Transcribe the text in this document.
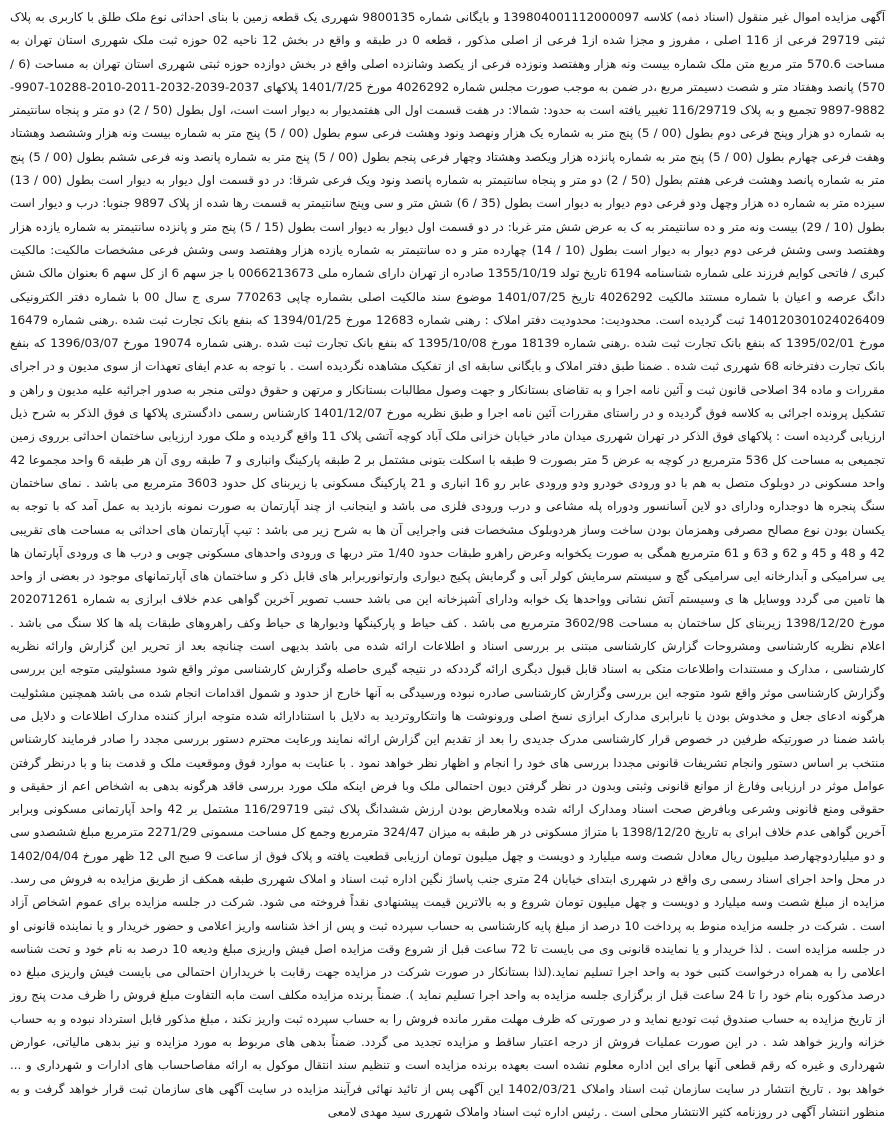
آگهی مزایده اموال غیر منقول (اسناد ذمه) کلاسه 139804001112000097 و بایگانی شماره 9800135 شهرری یک قطعه زمین با بنای احداثی نوع ملک طلق با کاربری به پلاک ثبتی 29719 فرعی از 116 اصلی ، مفروز و مجزا شده از1 فرعی از اصلی مذکور ، قطعه 0 در طبقه و واقع در بخش 12 ناحیه 02 حوزه ثبت ملک شهرری استان تهران به مساحت 570.6 متر مربع متن ملک شماره بیست ونه هزار وهفتصد ونوزده فرعی از یکصد وشانزده اصلی واقع در بخش دوازده حوزه ثبتی شهرری استان تهران به مساحت (6 / 570) پانصد وهفتاد متر و شصت دسیمتر مربع ،در ضمن به موجب صورت مجلس شماره 4026292 مورخ 1401/7/25 پلاکهای 2037-2039-2032-2011-2010-10288-9907-9882-9897 تجمیع و به پلاک 116/29719 تغییر یافته است به حدود: شمالا: در هفت قسمت اول الی هفتمدیوار به دیوار است است، اول بطول (50 / 2) دو متر و پنجاه سانتیمتر به شماره دو هزار وپنج فرعی دوم بطول (00 / 5) پنج متر به شماره یک هزار ونهصد ونود وهشت فرعی سوم بطول (00 / 5) پنج متر به شماره بیست ونه هزار وششصد وهشتاد وهفت فرعی چهارم بطول (00 / 5) پنج متر به شماره پانزده هزار ویکصد وهشتاد وچهار فرعی پنجم بطول (00 / 5) پنج متر به شماره پانصد ونه فرعی ششم بطول (00 / 5) پنج متر به شماره پانصد وهشت فرعی هفتم بطول (50 / 2) دو متر و پنجاه سانتیمتر به شماره پانصد ونود ویک فرعی شرقا: در دو قسمت اول دیوار به دیوار است بطول (00 / 13) سیزده متر به شماره ده هزار وچهل ودو فرعی دوم دیوار به دیوار است بطول (35 / 6) شش متر و سی وپنج سانتیمتر به قسمت رها شده از پلاک 9897 جنوبا: درب و دیوار است بطول (10 / 29) بیست ونه متر و ده سانتیمتر به ک به عرض شش متر غربا: در دو قسمت اول دیوار به دیوار است بطول (15 / 5) پنج متر و پانزده سانتیمتر به شماره یازده هزار وهفتصد وسی وشش فرعی دوم دیوار به دیوار است بطول (10 / 14) چهارده متر و ده سانتیمتر به شماره یازده هزار وهفتصد وسی وشش فرعی مشخصات مالکیت: مالکیت کبری / فاتحی کوایم فرزند علی شماره شناسنامه 6194 تاریخ تولد 1355/10/19 صادره از تهران دارای شماره ملی 0066213673 با جز سهم 6 از کل سهم 6 بعنوان مالک شش دانگ عرصه و اعیان با شماره مستند مالکیت 4026292 تاریخ 1401/07/25 موضوع سند مالکیت اصلی بشماره چاپی 770263 سری ج سال 00 با شماره دفتر الکترونیکی 140120301024026409 ثبت گردیده است. محدودیت: محدودیت دفتر املاک : رهنی شماره 12683 مورخ 1394/01/25 که بنفع بانک تجارت ثبت شده .رهنی شماره 16479 مورخ 1395/02/01 که بنفع بانک تجارت ثبت شده .رهنی شماره 18139 مورخ 1395/10/08 که بنفع بانک تجارت ثبت شده .رهنی شماره 19074 مورخ 1396/03/07 که بنفع بانک تجارت دفترخانه 68 شهرری ثبت شده . ضمنا طبق دفتر املاک و بایگانی سابقه ای از تفکیک مشاهده نگردیده است . با توجه به عدم ایفای تعهدات از سوی مدیون و در اجرای مقررات و ماده 34 اصلاحی قانون ثبت و آئین نامه اجرا و به تقاضای بستانکار و جهت وصول مطالبات بستانکار و مرتهن و حقوق دولتی منجر به صدور اجرائیه علیه مدیون و راهن و تشکیل پرونده اجرائی به کلاسه فوق گردیده و در راستای مقررات آئین نامه اجرا و طبق نظریه مورخ 1401/12/07 کارشناس رسمی دادگستری پلاکها ی فوق الذکر به شرح ذیل ارزیابی گردیده است : پلاکهای فوق الذکر در تهران شهرری میدان مادر خیابان خزانی ملک آباد کوچه آتشی پلاک 11 واقع گردیده و ملک مورد ارزیابی ساختمان احداثی برروی زمین تجمیعی به مساحت کل 536 مترمربع در کوچه به عرض 5 متر بصورت 9 طبقه با اسکلت بتونی مشتمل بر 2 طبقه پارکینگ وانباری و 7 طبقه روی آن هر طبقه 6 واحد مجموعا 42 واحد مسکونی در دوبلوک متصل به هم با دو ورودی خودرو ودو ورودی عابر رو 16 انباری و 21 پارکینگ مسکونی با زیربنای کل حدود 3603 مترمربع می باشد . نمای ساختمان سنگ پنجره ها دوجداره ودارای دو لاین آسانسور ودوراه پله مشاعی و درب ورودی فلزی می باشد و اینجانب از چند آپارتمان به صورت نمونه بازدید به عمل آمد که با توجه به یکسان بودن نوع مصالح مصرفی وهمزمان بودن ساخت وساز هردوبلوک مشخصات فنی واجرایی آن ها به شرح زیر می باشد : تیپ آپارتمان های احداثی به مساحت های تقریبی 42 و 48 و 45 و 62 و 63 و 61 مترمربع همگی به صورت یکخوابه وعرض راهرو طبقات حدود 1/40 متر دربها ی ورودی واحدهای مسکونی چوبی و درب ها ی ورودی آپارتمان ها یی سرامیکی و آبدارخانه ایی سرامیکی گچ و سیستم سرمایش کولر آبی و گرمایش پکیج دیواری وارتوانوربرابر های قابل ذکر و ساختمان های آپارتمانهای موجود در بعضی از واحد ها تامین می گردد ووسایل ها ی وسیستم آتش نشانی وواحدها یک خوابه ودارای آشپزخانه این می باشد حسب تصویر آخرین گواهی عدم خلاف ابرازی به شماره 202071261 مورخ 1398/12/20 زیربنای کل ساختمان به مساحت 3602/98 مترمربع می باشد . کف حیاط و پارکینگها ودیوارها ی حیاط وکف راهروهای طبقات پله ها کلا سنگ می باشد . اعلام نظریه کارشناسی ومشروحات گزارش کارشناسی مبتنی بر بررسی اسناد و اطلاعات ارائه شده می باشد بدیهی است چنانچه بعد از تحریر این گزارش وارائه نظریه کارشناسی ، مدارک و مستندات واطلاعات متکی به اسناد قابل قبول دیگری ارائه گرددکه در نتیجه گیری حاصله وگزارش کارشناسی موثر واقع شود مسئولیتی متوجه این بررسی وگزارش کارشناسی موثر واقع شود متوجه این بررسی وگزارش کارشناسی صادره نبوده ورسیدگی به آنها خارج از حدود و شمول اقدامات انجام شده می باشد همچنین مشئولیت هرگونه ادعای جعل و مخدوش بودن یا نابرابری مدارک ابرازی نسخ اصلی ورونوشت ها وانتکاروتردید به دلایل با استنادارائه شده متوجه ابراز کننده مدارک اطلاعات و دلایل می باشد ضمنا در صورتیکه طرفین در خصوص قرار کارشناسی مدرک جدیدی را بعد از تقدیم این گزارش ارائه نمایند ورعایت محترم دستور بررسی مجدد را صادر فرمایند کارشناس منتخب بر اساس دستور وانجام تشریفات قانونی مجددا بررسی های خود را انجام و اظهار نظر خواهد نمود . با عنایت به موارد فوق وموقعیت ملک و قدمت بنا و با درنظر گرفتن عوامل موثر در ارزیابی وفارغ از موانع قانونی وثبتی وبدون در نظر گرفتن دیون احتمالی ملک وبا فرض اینکه ملک مورد بررسی فاقد هرگونه بدهی به اشخاص اعم از حقیقی و حقوقی ومنع قانونی وشرعی وبافرض صحت اسناد ومدارک ارائه شده وبلامعارض بودن ارزش ششدانگ پلاک ثبتی 116/29719 مشتمل بر 42 واحد آپارتمانی مسکونی وبرابر آخرین گواهی عدم خلاف ابرای به تاریخ 1398/12/20 با متراژ مسکونی در هر طبقه به میزان 324/47 مترمربع وجمع کل مساحت مسمونی 2271/29 مترمربع مبلغ ششصدو سی و دو میلیاردوچهارصد میلیون ریال معادل شصت وسه میلیارد و دویست و چهل میلیون تومان ارزیابی قطعیت یافته و پلاک فوق از ساعت 9 صبح الی 12 ظهر مورخ 1402/04/04 در محل واحد اجرای اسناد رسمی ری واقع در شهرری ابتدای خیابان 24 متری جنب پاساژ نگین اداره ثبت اسناد و املاک شهرری طبقه همکف از طریق مزایده به فروش می رسد. مزایده از مبلغ شصت وسه میلیارد و دویست و چهل میلیون تومان شروع و به بالاترین قیمت پیشنهادی نقداً فروخته می شود. شرکت در جلسه مزایده برای عموم اشخاص آزاد است . شرکت در جلسه مزایده منوط به پرداخت 10 درصد از مبلغ پایه کارشناسی به حساب سپرده ثبت و پس از اخذ شناسه واریز اعلامی و حضور خریدار و یا نماینده قانونی او در جلسه مزایده است . لذا خریدار و یا نماینده قانونی وی می بایست تا 72 ساعت قبل از شروع وقت مزایده اصل فیش واریزی مبلغ ودیعه 10 درصد به نام خود و تحت شناسه اعلامی را به همراه درخواست کتبی خود به واحد اجرا تسلیم نماید.(لذا بستانکار در صورت شرکت در مزایده جهت رقابت با خریداران احتمالی می بایست فیش واریزی مبلغ ده درصد مذکوره بنام خود را تا 24 ساعت قبل از برگزاری جلسه مزایده به واحد اجرا تسلیم نماید ). ضمناً برنده مزایده مکلف است مابه التفاوت مبلغ فروش را ظرف مدت پنج روز از تاریخ مزایده به حساب صندوق ثبت تودیع نماید و در صورتی که ظرف مهلت مقرر مانده فروش را به حساب سپرده ثبت واریز نکند ، مبلغ مذکور قابل استرداد نبوده و به حساب خزانه واریز خواهد شد . در این صورت عملیات فروش از درجه اعتبار ساقط و مزایده تجدید می گردد. ضمناً بدهی های مربوط به مورد مزایده و نیز بدهی مالیاتی، عوارض شهرداری و غیره که رقم قطعی آنها برای این اداره معلوم نشده است بعهده برنده مزایده است و تنظیم سند انتقال موکول به ارائه مفاصاحساب های ادارات و شهرداری و ... خواهد بود . تاریخ انتشار در سایت سازمان ثبت اسناد واملاک 1402/03/21 این آگهی پس از تائید نهائی فرآیند مزایده در سایت آگهی های سازمان ثبت قرار خواهد گرفت و به منظور انتشار آگهی در روزنامه کثیر الانتشار محلی است . رئیس اداره ثبت اسناد واملاک شهرری سید مهدی لامعی
